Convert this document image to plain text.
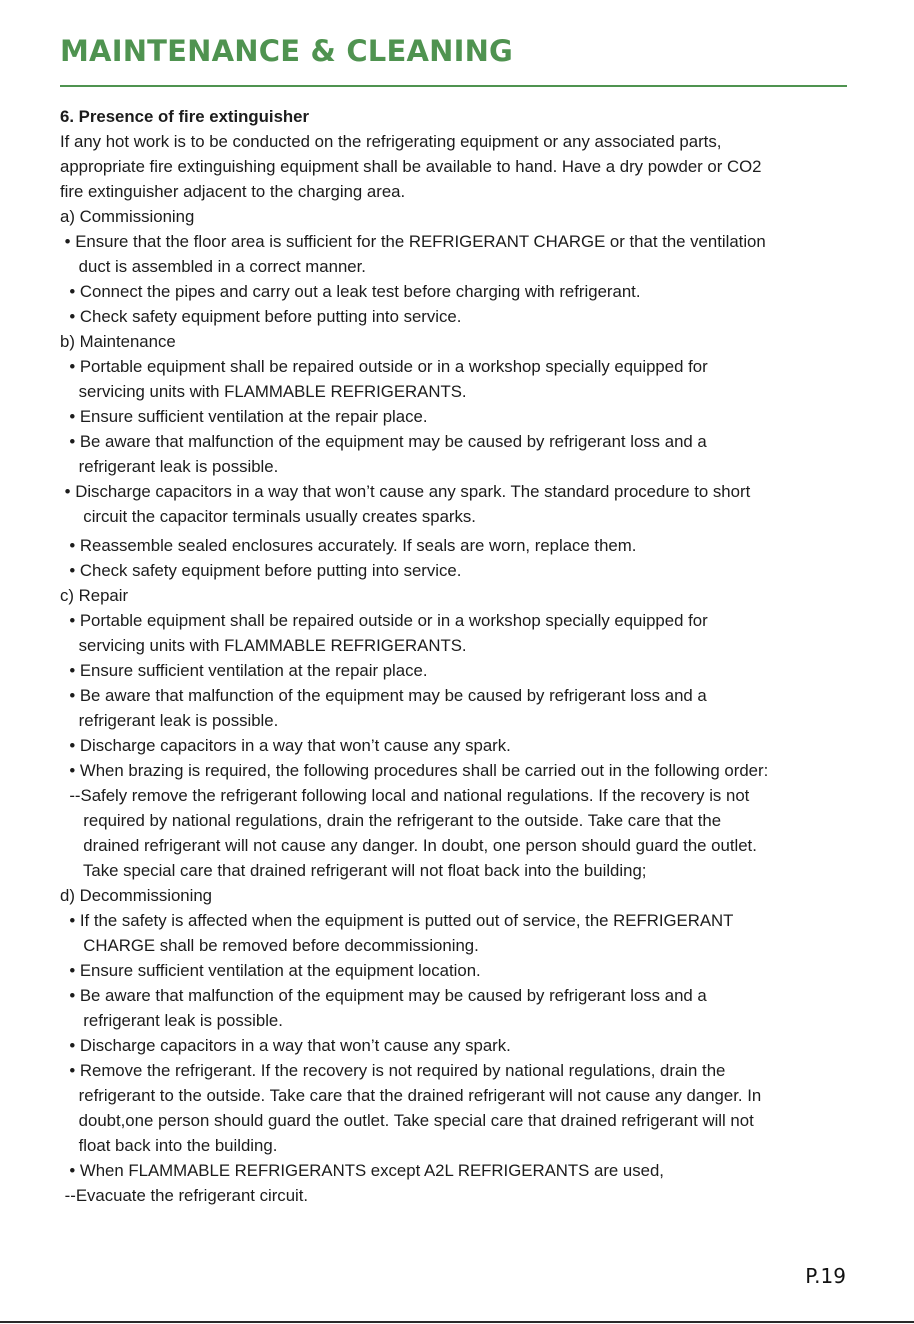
MAINTENANCE & CLEANING
6. Presence of fire extinguisher
If any hot work is to be conducted on the refrigerating equipment or any associated parts,
appropriate fire extinguishing equipment shall be available to hand. Have a dry powder or CO2
fire extinguisher adjacent to the charging area.
a) Commissioning
• Ensure that the floor area is sufficient for the REFRIGERANT CHARGE or that the ventilation
duct is assembled in a correct manner.
• Connect the pipes and carry out a leak test before charging with refrigerant.
• Check safety equipment before putting into service.
b) Maintenance
• Portable equipment shall be repaired outside or in a workshop specially equipped for
servicing units with FLAMMABLE REFRIGERANTS.
• Ensure sufficient ventilation at the repair place.
• Be aware that malfunction of the equipment may be caused by refrigerant loss and a
refrigerant leak is possible.
• Discharge capacitors in a way that won’t cause any spark. The standard procedure to short
circuit the capacitor terminals usually creates sparks.
• Reassemble sealed enclosures accurately. If seals are worn, replace them.
• Check safety equipment before putting into service.
c) Repair
• Portable equipment shall be repaired outside or in a workshop specially equipped for
servicing units with FLAMMABLE REFRIGERANTS.
• Ensure sufficient ventilation at the repair place.
• Be aware that malfunction of the equipment may be caused by refrigerant loss and a
refrigerant leak is possible.
• Discharge capacitors in a way that won’t cause any spark.
• When brazing is required, the following procedures shall be carried out in the following order:
--Safely remove the refrigerant following local and national regulations. If the recovery is not
required by national regulations, drain the refrigerant to the outside. Take care that the
drained refrigerant will not cause any danger. In doubt, one person should guard the outlet.
Take special care that drained refrigerant will not float back into the building;
d) Decommissioning
• If the safety is affected when the equipment is putted out of service, the REFRIGERANT
CHARGE shall be removed before decommissioning.
• Ensure sufficient ventilation at the equipment location.
• Be aware that malfunction of the equipment may be caused by refrigerant loss and a
refrigerant leak is possible.
• Discharge capacitors in a way that won’t cause any spark.
• Remove the refrigerant. If the recovery is not required by national regulations, drain the
refrigerant to the outside. Take care that the drained refrigerant will not cause any danger. In
doubt,one person should guard the outlet. Take special care that drained refrigerant will not
float back into the building.
• When FLAMMABLE REFRIGERANTS except A2L REFRIGERANTS are used,
--Evacuate the refrigerant circuit.
P.19
